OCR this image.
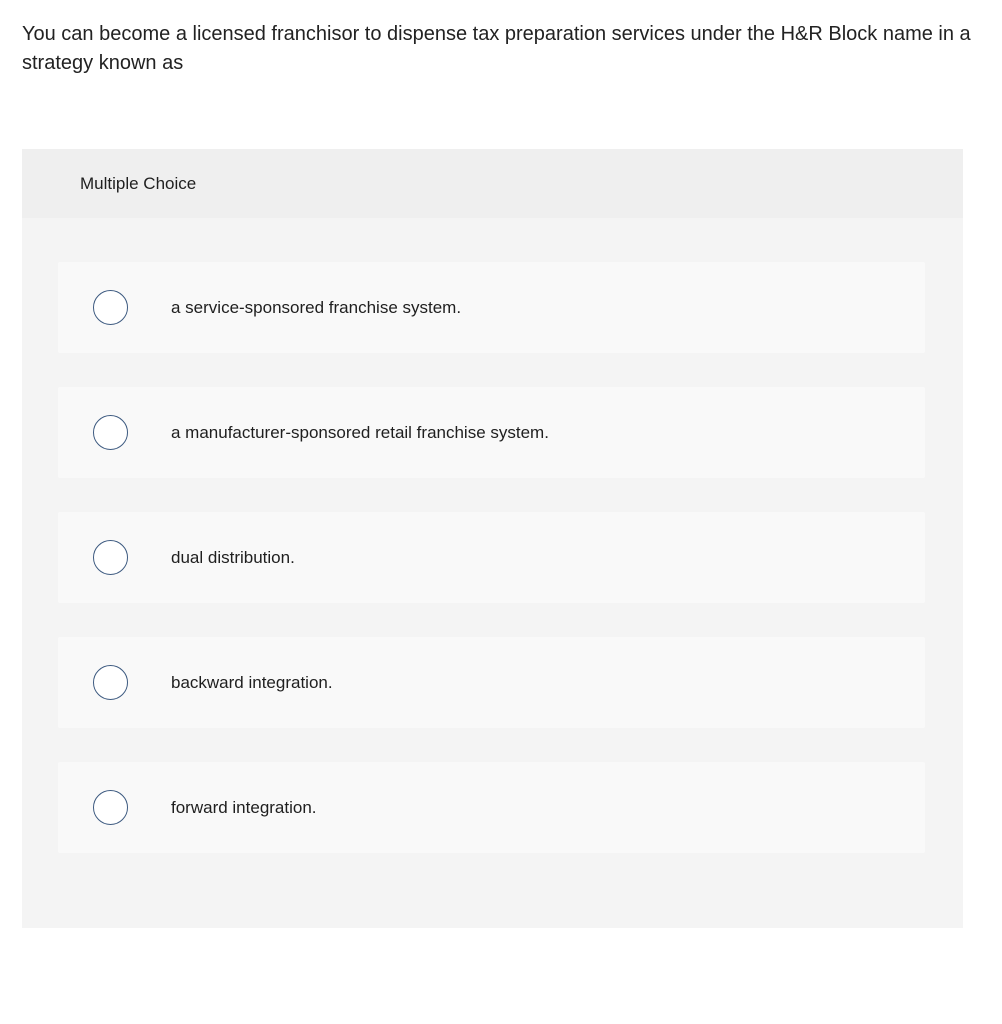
You can become a licensed franchisor to dispense tax preparation services under the H&R Block name in a strategy known as
Multiple Choice
a service-sponsored franchise system.
a manufacturer-sponsored retail franchise system.
dual distribution.
backward integration.
forward integration.
